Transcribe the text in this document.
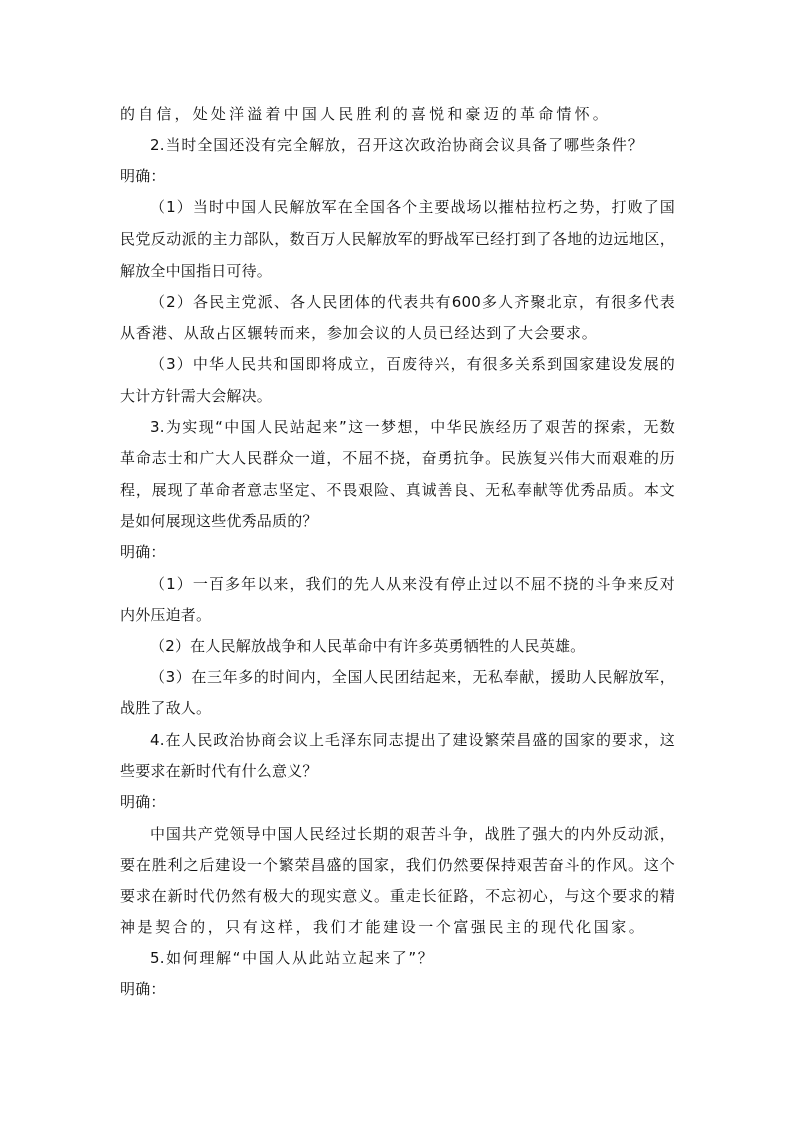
的自信，处处洋溢着中国人民胜利的喜悦和豪迈的革命情怀。
2.当时全国还没有完全解放，召开这次政治协商会议具备了哪些条件？
明确：
（1）当时中国人民解放军在全国各个主要战场以摧枯拉朽之势，打败了国
民党反动派的主力部队，数百万人民解放军的野战军已经打到了各地的边远地区，
解放全中国指日可待。
（2）各民主党派、各人民团体的代表共有600多人齐聚北京，有很多代表
从香港、从敌占区辗转而来，参加会议的人员已经达到了大会要求。
（3）中华人民共和国即将成立，百废待兴，有很多关系到国家建设发展的
大计方针需大会解决。
3.为实现“中国人民站起来”这一梦想，中华民族经历了艰苦的探索，无数
革命志士和广大人民群众一道，不屈不挠，奋勇抗争。民族复兴伟大而艰难的历
程，展现了革命者意志坚定、不畏艰险、真诚善良、无私奉献等优秀品质。本文
是如何展现这些优秀品质的？
明确：
（1）一百多年以来，我们的先人从来没有停止过以不屈不挠的斗争来反对
内外压迫者。
（2）在人民解放战争和人民革命中有许多英勇牺牲的人民英雄。
（3）在三年多的时间内，全国人民团结起来，无私奉献，援助人民解放军，
战胜了敌人。
4.在人民政治协商会议上毛泽东同志提出了建设繁荣昌盛的国家的要求，这
些要求在新时代有什么意义？
明确：
中国共产党领导中国人民经过长期的艰苦斗争，战胜了强大的内外反动派，
要在胜利之后建设一个繁荣昌盛的国家，我们仍然要保持艰苦奋斗的作风。这个
要求在新时代仍然有极大的现实意义。重走长征路，不忘初心，与这个要求的精
神是契合的，只有这样，我们才能建设一个富强民主的现代化国家。
5.如何理解“中国人从此站立起来了”？
明确：
